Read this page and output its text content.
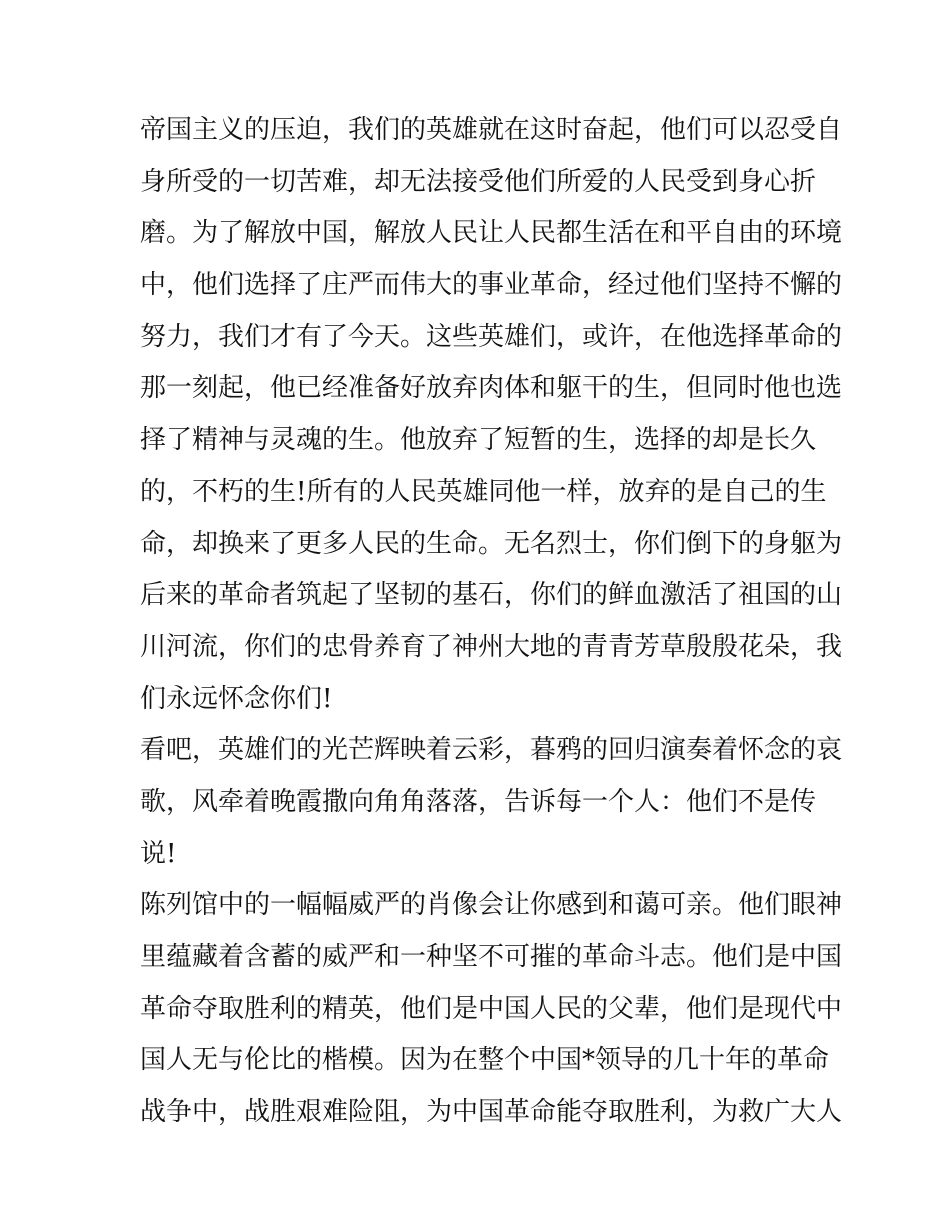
帝国主义的压迫，我们的英雄就在这时奋起，他们可以忍受自
身所受的一切苦难，却无法接受他们所爱的人民受到身心折
磨。为了解放中国，解放人民让人民都生活在和平自由的环境
中，他们选择了庄严而伟大的事业革命，经过他们坚持不懈的
努力，我们才有了今天。这些英雄们，或许，在他选择革命的
那一刻起，他已经准备好放弃肉体和躯干的生，但同时他也选
择了精神与灵魂的生。他放弃了短暂的生，选择的却是长久
的，不朽的生!所有的人民英雄同他一样，放弃的是自己的生
命，却换来了更多人民的生命。无名烈士，你们倒下的身躯为
后来的革命者筑起了坚韧的基石，你们的鲜血激活了祖国的山
川河流，你们的忠骨养育了神州大地的青青芳草殷殷花朵，我
们永远怀念你们!
看吧，英雄们的光芒辉映着云彩，暮鸦的回归演奏着怀念的哀
歌，风牵着晚霞撒向角角落落，告诉每一个人：他们不是传
说!
陈列馆中的一幅幅威严的肖像会让你感到和蔼可亲。他们眼神
里蕴藏着含蓄的威严和一种坚不可摧的革命斗志。他们是中国
革命夺取胜利的精英，他们是中国人民的父辈，他们是现代中
国人无与伦比的楷模。因为在整个中国*领导的几十年的革命
战争中，战胜艰难险阻，为中国革命能夺取胜利，为救广大人
